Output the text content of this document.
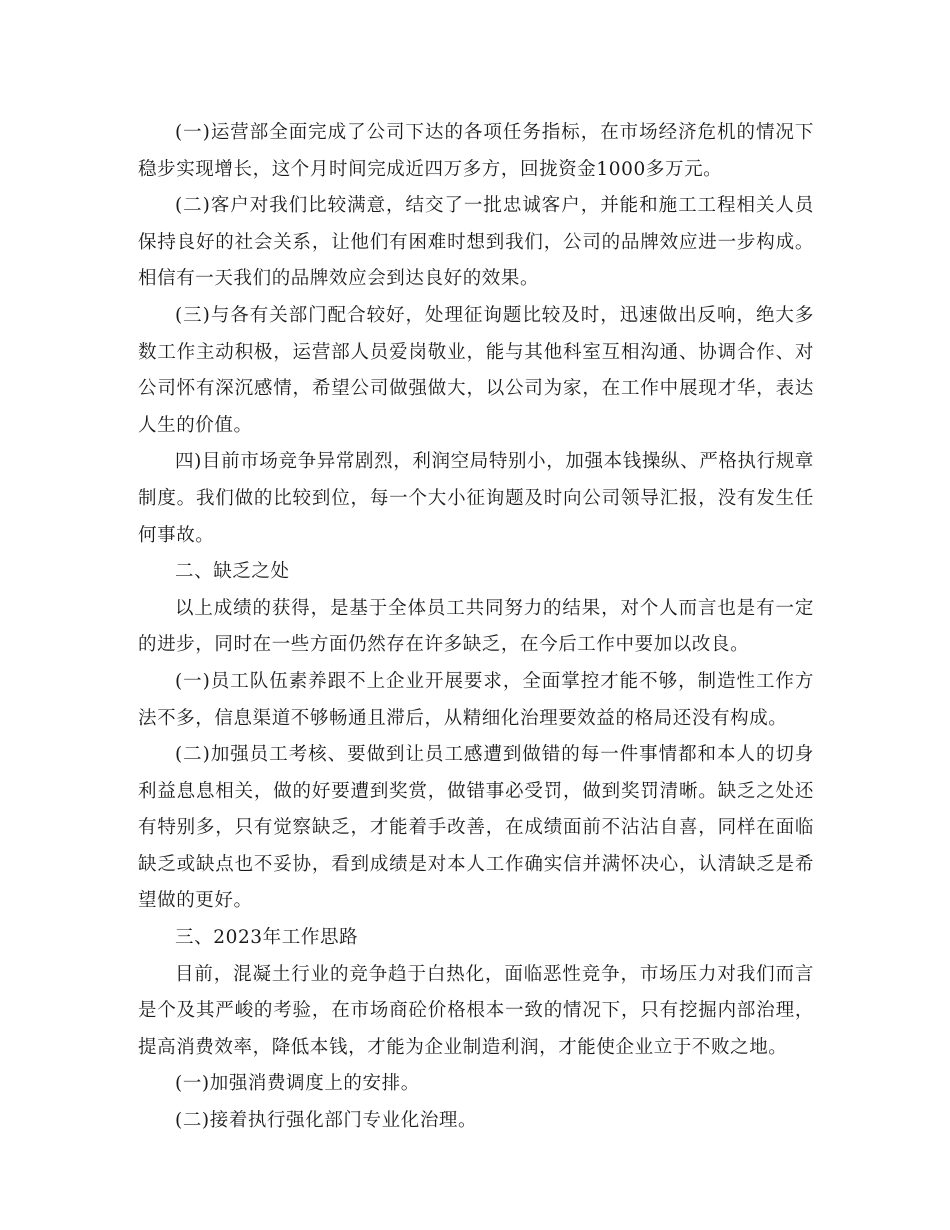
(一)运营部全面完成了公司下达的各项任务指标，在市场经济危机的情况下稳步实现增长，这个月时间完成近四万多方，回拢资金1000多万元。

(二)客户对我们比较满意，结交了一批忠诚客户，并能和施工工程相关人员保持良好的社会关系，让他们有困难时想到我们，公司的品牌效应进一步构成。相信有一天我们的品牌效应会到达良好的效果。

(三)与各有关部门配合较好，处理征询题比较及时，迅速做出反响，绝大多数工作主动积极，运营部人员爱岗敬业，能与其他科室互相沟通、协调合作、对公司怀有深沉感情，希望公司做强做大，以公司为家，在工作中展现才华，表达人生的价值。

四)目前市场竞争异常剧烈，利润空局特别小，加强本钱操纵、严格执行规章制度。我们做的比较到位，每一个大小征询题及时向公司领导汇报，没有发生任何事故。

二、缺乏之处

以上成绩的获得，是基于全体员工共同努力的结果，对个人而言也是有一定的进步，同时在一些方面仍然存在许多缺乏，在今后工作中要加以改良。

(一)员工队伍素养跟不上企业开展要求，全面掌控才能不够，制造性工作方法不多，信息渠道不够畅通且滞后，从精细化治理要效益的格局还没有构成。

(二)加强员工考核、要做到让员工感遭到做错的每一件事情都和本人的切身利益息息相关，做的好要遭到奖赏，做错事必受罚，做到奖罚清晰。缺乏之处还有特别多，只有觉察缺乏，才能着手改善，在成绩面前不沾沾自喜，同样在面临缺乏或缺点也不妥协，看到成绩是对本人工作确实信并满怀决心，认清缺乏是希望做的更好。

三、2023年工作思路

目前，混凝土行业的竞争趋于白热化，面临恶性竞争，市场压力对我们而言是个及其严峻的考验，在市场商砼价格根本一致的情况下，只有挖掘内部治理，提高消费效率，降低本钱，才能为企业制造利润，才能使企业立于不败之地。

(一)加强消费调度上的安排。

(二)接着执行强化部门专业化治理。
